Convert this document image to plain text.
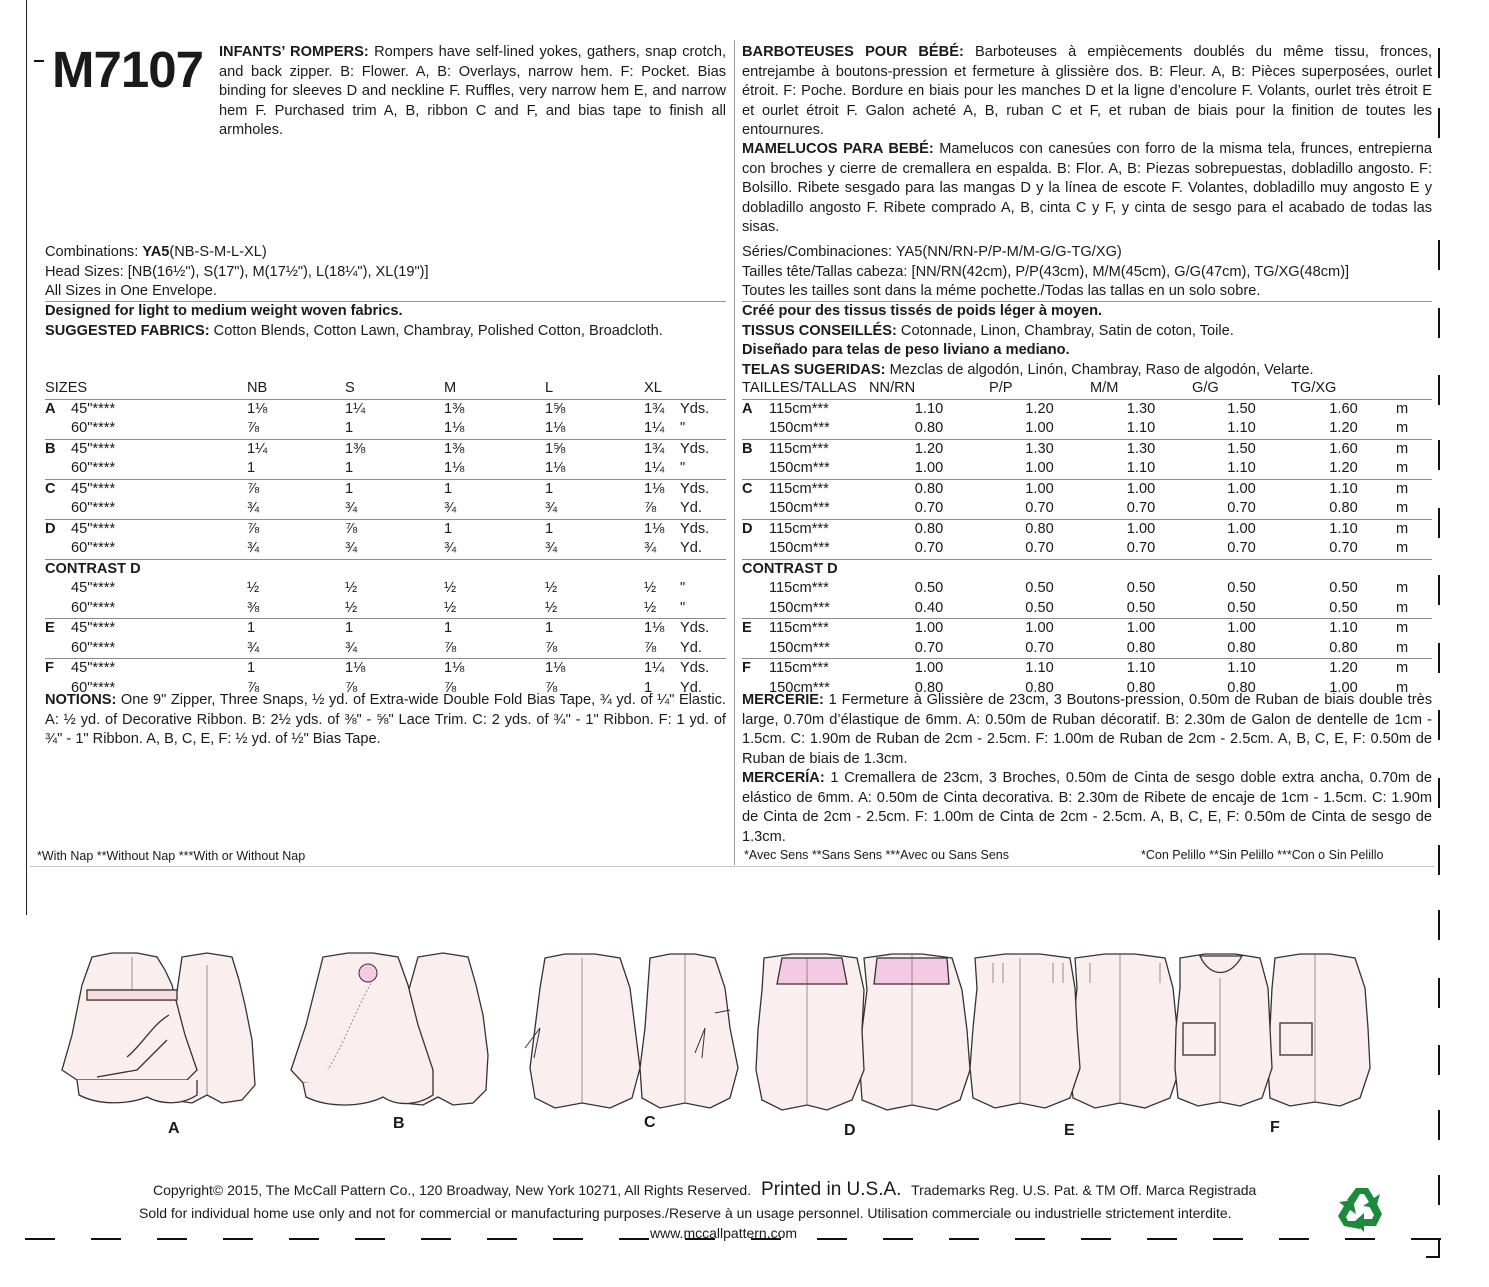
M7107 INFANTS’ ROMPERS: Rompers have self-lined yokes, gathers, snap crotch, and back zipper. B: Flower. A, B: Overlays, narrow hem. F: Pocket. Bias binding for sleeves D and neckline F. Ruffles, very narrow hem E, and narrow hem F. Purchased trim A, B, ribbon C and F, and bias tape to finish all armholes.
BARBOTEUSES POUR BÉBÉ: Barboteuses à empiècements doublés du même tissu, fronces, entrejambe à boutons-pression et fermeture à glissière dos. B: Fleur. A, B: Pièces superposées, ourlet étroit. F: Poche. Bordure en biais pour les manches D et la ligne d’encolure F. Volants, ourlet très étroit E et ourlet étroit F. Galon acheté A, B, ruban C et F, et ruban de biais pour la finition de toutes les entournures.
MAMELUCOS PARA BEBÉ: Mamelucos con canesúes con forro de la misma tela, frunces, entrepierna con broches y cierre de cremallera en espalda. B: Flor. A, B: Piezas sobrepuestas, dobladillo angosto. F: Bolsillo. Ribete sesgado para las mangas D y la línea de escote F. Volantes, dobladillo muy angosto E y dobladillo angosto F. Ribete comprado A, B, cinta C y F, y cinta de sesgo para el acabado de todas las sisas.
Combinations: YA5(NB-S-M-L-XL)
Head Sizes: [NB(16½"), S(17"), M(17½"), L(18¼"), XL(19")]
All Sizes in One Envelope.
Designed for light to medium weight woven fabrics.
SUGGESTED FABRICS: Cotton Blends, Cotton Lawn, Chambray, Polished Cotton, Broadcloth.
Séries/Combinaciones: YA5(NN/RN-P/P-M/M-G/G-TG/XG)
Tailles tête/Tallas cabeza: [NN/RN(42cm), P/P(43cm), M/M(45cm), G/G(47cm), TG/XG(48cm)]
Toutes les tailles sont dans la méme pochette./Todas las tallas en un solo sobre.
Créé pour des tissus tissés de poids léger à moyen.
TISSUS CONSEILLÉS: Cotonnade, Linon, Chambray, Satin de coton, Toile.
Diseñado para telas de peso liviano a mediano.
TELAS SUGERIDAS: Mezclas de algodón, Linón, Chambray, Raso de algodón, Velarte.
SIZES		NB	S	M	L	XL	
A	45"****	1⅛	1¼	1⅜	1⅝	1¾	Yds.
	60"****	⅞	1	1⅛	1⅛	1¼	"
B	45"****	1¼	1⅜	1⅜	1⅝	1¾	Yds.
	60"****	1	1	1⅛	1⅛	1¼	"
C	45"****	⅞	1	1	1	1⅛	Yds.
	60"****	¾	¾	¾	¾	⅞	Yd.
D	45"****	⅞	⅞	1	1	1⅛	Yds.
	60"****	¾	¾	¾	¾	¾	Yd.
CONTRAST D							
	45"****	½	½	½	½	½	"
	60"****	⅜	½	½	½	½	"
E	45"****	1	1	1	1	1⅛	Yds.
	60"****	¾	¾	⅞	⅞	⅞	Yd.
F	45"****	1	1⅛	1⅛	1⅛	1¼	Yds.
	60"****	⅞	⅞	⅞	⅞	1	Yd.
TAILLES/TALLAS		NN/RN	P/P	M/M	G/G	TG/XG	
A	115cm***	1.10	1.20	1.30	1.50	1.60	m
	150cm***	0.80	1.00	1.10	1.10	1.20	m
B	115cm***	1.20	1.30	1.30	1.50	1.60	m
	150cm***	1.00	1.00	1.10	1.10	1.20	m
C	115cm***	0.80	1.00	1.00	1.00	1.10	m
	150cm***	0.70	0.70	0.70	0.70	0.80	m
D	115cm***	0.80	0.80	1.00	1.00	1.10	m
	150cm***	0.70	0.70	0.70	0.70	0.70	m
CONTRAST D							
	115cm***	0.50	0.50	0.50	0.50	0.50	m
	150cm***	0.40	0.50	0.50	0.50	0.50	m
E	115cm***	1.00	1.00	1.00	1.00	1.10	m
	150cm***	0.70	0.70	0.80	0.80	0.80	m
F	115cm***	1.00	1.10	1.10	1.10	1.20	m
	150cm***	0.80	0.80	0.80	0.80	1.00	m
NOTIONS: One 9" Zipper, Three Snaps, ½ yd. of Extra-wide Double Fold Bias Tape, ¾ yd. of ¼" Elastic. A: ½ yd. of Decorative Ribbon. B: 2½ yds. of ⅜" - ⅝" Lace Trim. C: 2 yds. of ¾" - 1" Ribbon. F: 1 yd. of ¾" - 1" Ribbon. A, B, C, E, F: ½ yd. of ½" Bias Tape.
MERCERIE: 1 Fermeture à Glissière de 23cm, 3 Boutons-pression, 0.50m de Ruban de biais double très large, 0.70m d’élastique de 6mm. A: 0.50m de Ruban décoratif. B: 2.30m de Galon de dentelle de 1cm - 1.5cm. C: 1.90m de Ruban de 2cm - 2.5cm. F: 1.00m de Ruban de 2cm - 2.5cm. A, B, C, E, F: 0.50m de Ruban de biais de 1.3cm.
MERCERÍA: 1 Cremallera de 23cm, 3 Broches, 0.50m de Cinta de sesgo doble extra ancha, 0.70m de elástico de 6mm. A: 0.50m de Cinta decorativa. B: 2.30m de Ribete de encaje de 1cm - 1.5cm. C: 1.90m de Cinta de 2cm - 2.5cm. F: 1.00m de Cinta de 2cm - 2.5cm. A, B, C, E, F: 0.50m de Cinta de sesgo de 1.3cm.
*With Nap **Without Nap ***With or Without Nap	*Avec Sens **Sans Sens ***Avec ou Sans Sens	*Con Pelillo **Sin Pelillo ***Con o Sin Pelillo
A	B	C	D	E	F
Copyright© 2015, The McCall Pattern Co., 120 Broadway, New York 10271, All Rights Reserved. Printed in U.S.A. Trademarks Reg. U.S. Pat. & TM Off. Marca Registrada
Sold for individual home use only and not for commercial or manufacturing purposes./Reserve à un usage personnel. Utilisation commerciale ou industrielle strictement interdite.
www.mccallpattern.com
